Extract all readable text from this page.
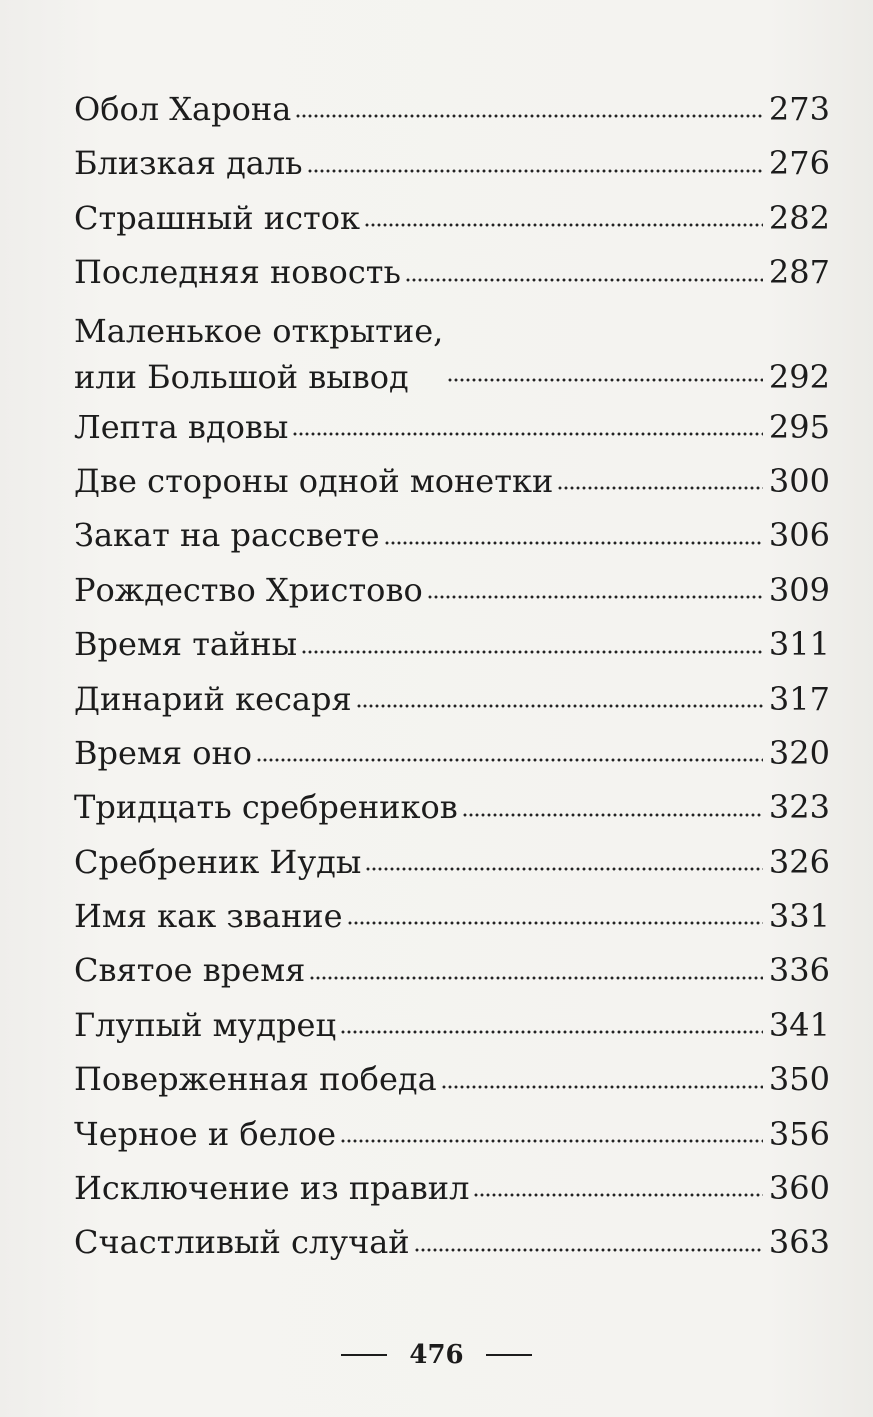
Обол Харона	273
Близкая даль	276
Страшный исток	282
Последняя новость	287
Маленькое открытие,
или Большой вывод	292
Лепта вдовы	295
Две стороны одной монетки	300
Закат на рассвете	306
Рождество Христово	309
Время тайны	311
Динарий кесаря	317
Время оно	320
Тридцать сребреников	323
Сребреник Иуды	326
Имя как звание	331
Святое время	336
Глупый мудрец	341
Поверженная победа	350
Черное и белое	356
Исключение из правил	360
Счастливый случай	363
476
